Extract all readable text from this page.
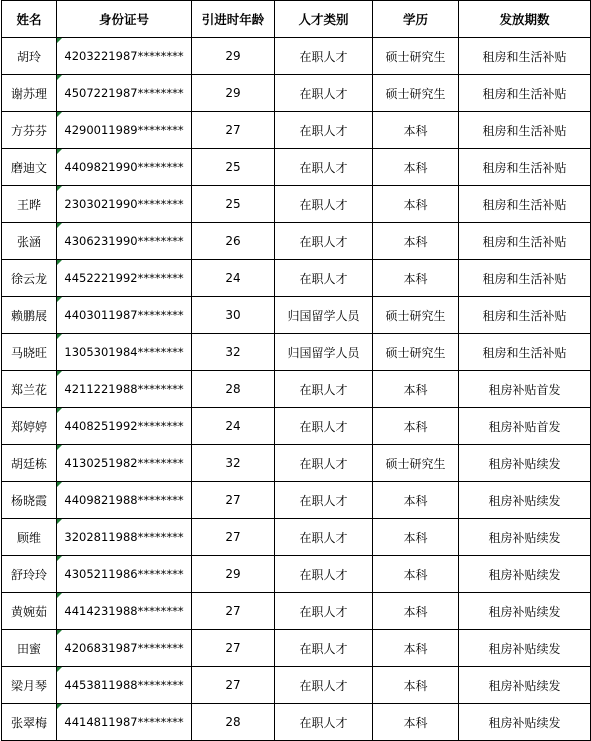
姓名	身份证号	引进时年龄	人才类别	学历	发放期数
胡玲	4203221987********	29	在职人才	硕士研究生	租房和生活补贴
谢苏理	4507221987********	29	在职人才	硕士研究生	租房和生活补贴
方芬芬	4290011989********	27	在职人才	本科	租房和生活补贴
磨迪文	4409821990********	25	在职人才	本科	租房和生活补贴
王晔	2303021990********	25	在职人才	本科	租房和生活补贴
张涵	4306231990********	26	在职人才	本科	租房和生活补贴
徐云龙	4452221992********	24	在职人才	本科	租房和生活补贴
赖鹏展	4403011987********	30	归国留学人员	硕士研究生	租房和生活补贴
马晓旺	1305301984********	32	归国留学人员	硕士研究生	租房和生活补贴
郑兰花	4211221988********	28	在职人才	本科	租房补贴首发
郑婷婷	4408251992********	24	在职人才	本科	租房补贴首发
胡廷栋	4130251982********	32	在职人才	硕士研究生	租房补贴续发
杨晓霞	4409821988********	27	在职人才	本科	租房补贴续发
顾维	3202811988********	27	在职人才	本科	租房补贴续发
舒玲玲	4305211986********	29	在职人才	本科	租房补贴续发
黄婉茹	4414231988********	27	在职人才	本科	租房补贴续发
田蜜	4206831987********	27	在职人才	本科	租房补贴续发
梁月琴	4453811988********	27	在职人才	本科	租房补贴续发
张翠梅	4414811987********	28	在职人才	本科	租房补贴续发
